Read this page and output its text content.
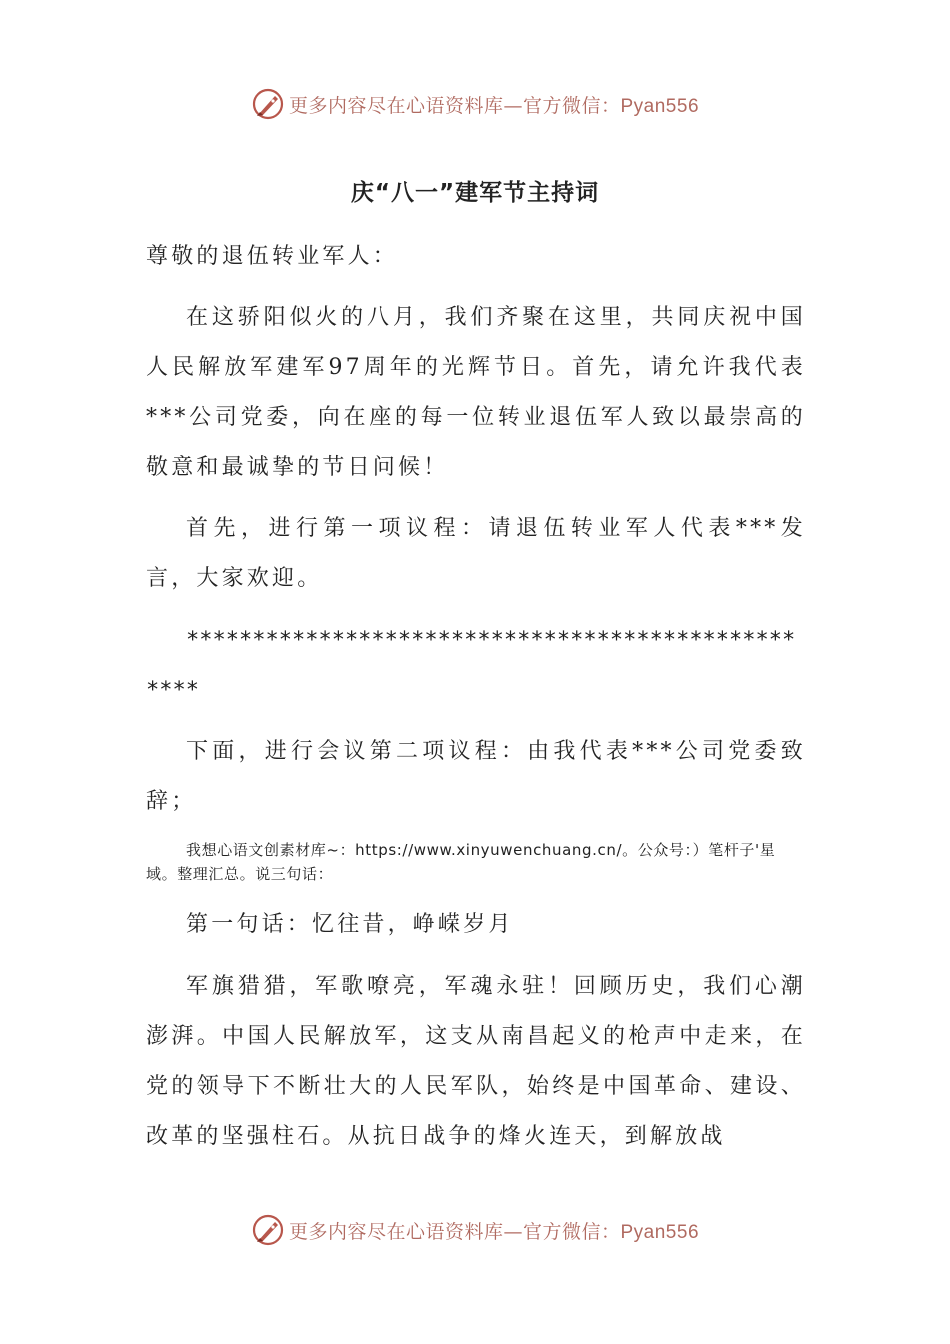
更多内容尽在心语资料库—官方微信：Pyan556
庆“八一”建军节主持词

尊敬的退伍转业军人：

在这骄阳似火的八月，我们齐聚在这里，共同庆祝中国人民解放军建军97周年的光辉节日。首先，请允许我代表***公司党委，向在座的每一位转业退伍军人致以最崇高的敬意和最诚挚的节日问候！

首先，进行第一项议程：请退伍转业军人代表***发言，大家欢迎。

**************************************************

下面，进行会议第二项议程：由我代表***公司党委致辞；

我想心语文创素材库~：https://www.xinyuwenchuang.cn/。公众号：）笔杆子'星域。整理汇总。说三句话：

第一句话：忆往昔，峥嵘岁月

军旗猎猎，军歌嘹亮，军魂永驻！回顾历史，我们心潮澎湃。中国人民解放军，这支从南昌起义的枪声中走来，在党的领导下不断壮大的人民军队，始终是中国革命、建设、改革的坚强柱石。从抗日战争的烽火连天，到解放战

更多内容尽在心语资料库—官方微信：Pyan556
